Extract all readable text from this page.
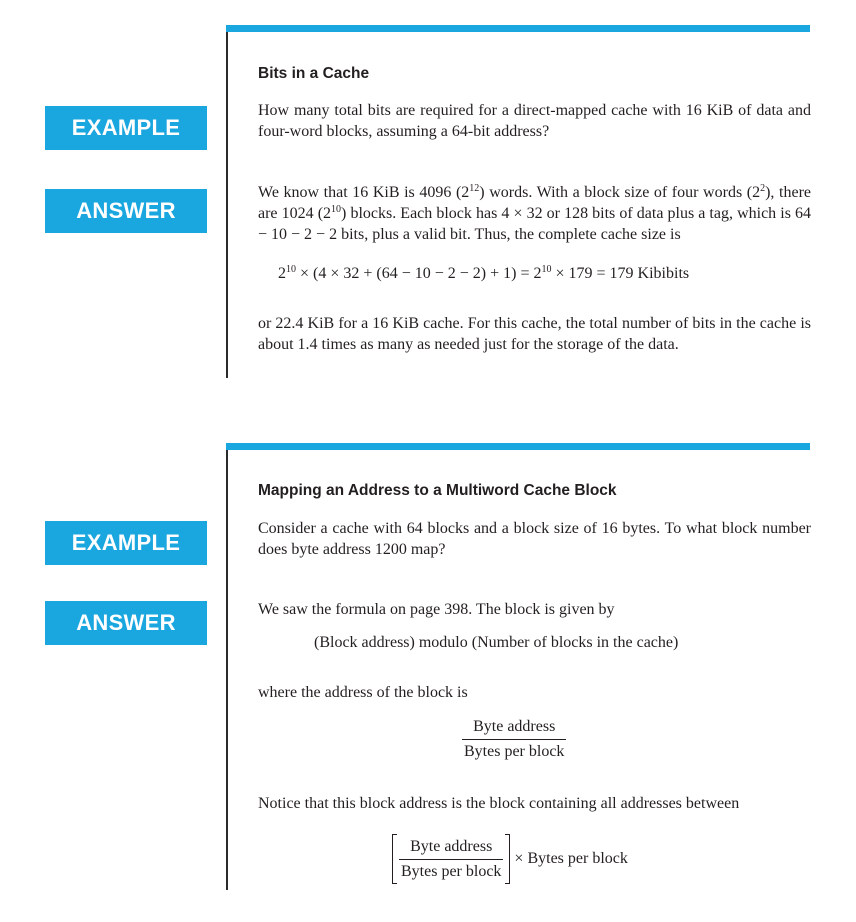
EXAMPLE
ANSWER
Bits in a Cache
How many total bits are required for a direct-mapped cache with 16 KiB of data and four-word blocks, assuming a 64-bit address?
We know that 16 KiB is 4096 $(2^{12})$ words. With a block size of four words $(2^2)$, there are 1024 $(2^{10})$ blocks. Each block has 4 × 32 or 128 bits of data plus a tag, which is 64 − 10 − 2 − 2 bits, plus a valid bit. Thus, the complete cache size is
$2^{10} \times (4 \times 32 + (64 - 10 - 2 - 2) + 1) = 2^{10} \times 179 = 179$ Kibibits
or 22.4 KiB for a 16 KiB cache. For this cache, the total number of bits in the cache is about 1.4 times as many as needed just for the storage of the data.
EXAMPLE
ANSWER
Mapping an Address to a Multiword Cache Block
Consider a cache with 64 blocks and a block size of 16 bytes. To what block number does byte address 1200 map?
We saw the formula on page 398. The block is given by
(Block address) modulo (Number of blocks in the cache)
where the address of the block is
$\frac{\text{Byte address}}{\text{Bytes per block}}$
Notice that this block address is the block containing all addresses between
$\frac{\text{Byte address}}{\text{Bytes per block}}$ × Bytes per block
